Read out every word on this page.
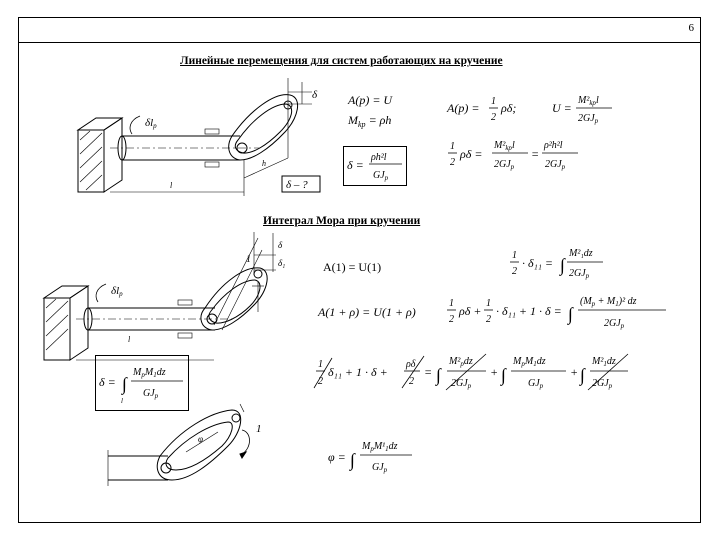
6
Линейные перемещения для систем работающих на кручение
Интеграл Мора при кручении
δlp
δ
h
l	δ – ?
A(p) = U
$M_{kp} = \rho h$
δ =
ρh²l
$GJ_p$
A(p) = 1
2
ρδ;	U =
$M^2_{kp}l$
$2GJ_p$
1
2
ρδ =
$M^2_{kp}l$
$2GJ_p$
=
ρ²h²l
$2GJ_p$
δlp
δ
δ₁
1
l
A(1) = U(1)
1
2
· δ₁₁ = ∫
M²₁dz
$2GJ_p$
A(1 + ρ) = U(1 + ρ)
1
2
ρδ +
1
2
· δ₁₁ + 1 · δ = ∫
$(M_p + M_1)^2$ dz
$2GJ_p$
1
2
δ₁₁ + 1 · δ +
ρδ
2
= ∫
$M^2_pdz$
$2GJ_p$
+ ∫
$M_pM_1dz$
$GJ_p$
+ ∫
$M^2_1dz$
$2GJ_p$
δ = ∫
l
$M_pM_1dz$
$GJ_p$
φ = ∫
$M_pM^1_1dz$
$GJ_p$
φ
1
